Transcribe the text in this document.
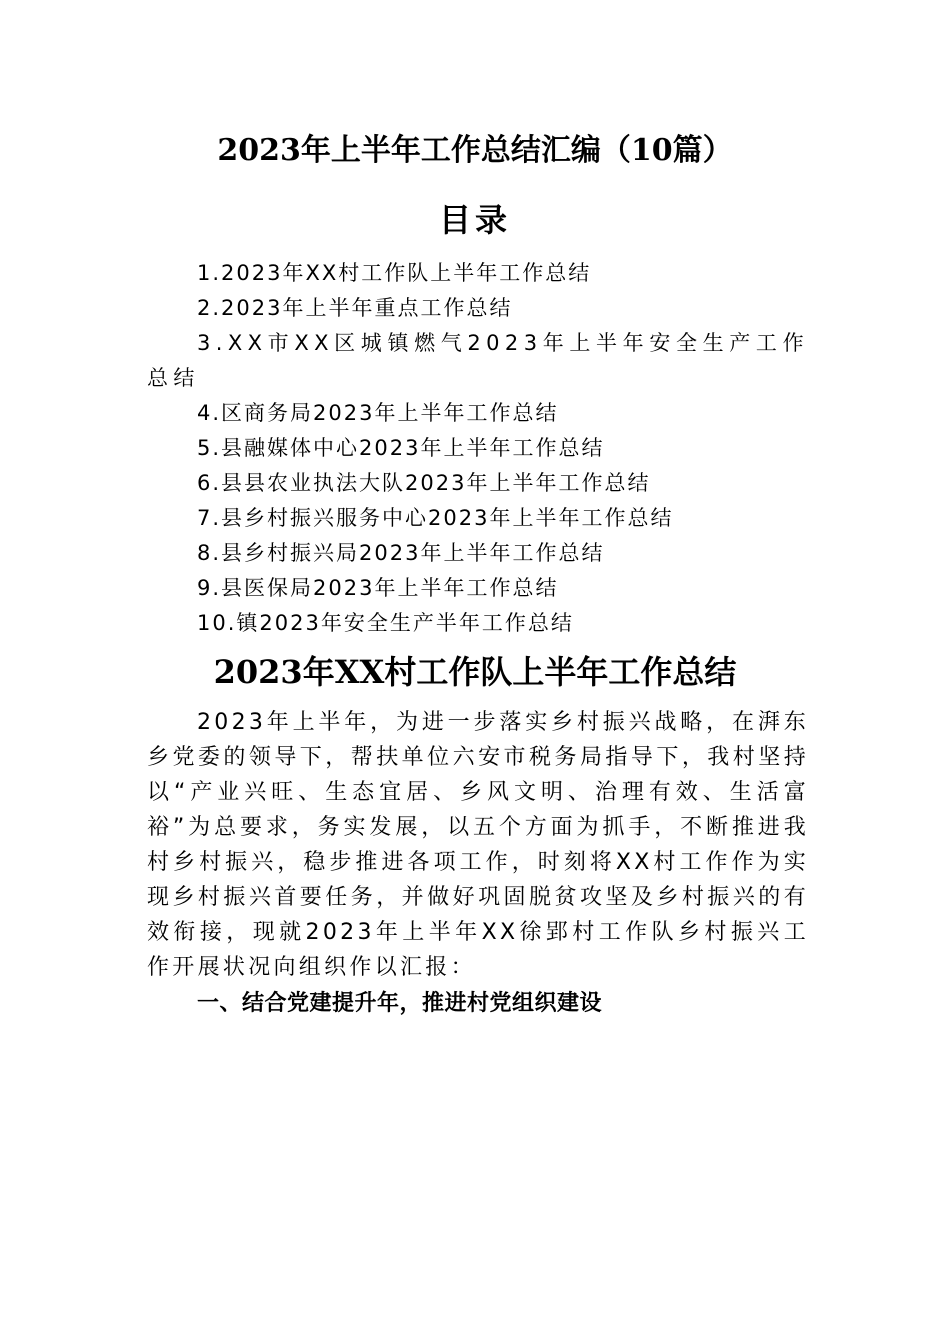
2023年上半年工作总结汇编（10篇）
目录
1.2023年XX村工作队上半年工作总结
2.2023年上半年重点工作总结
3.XX市XX区城镇燃气2023年上半年安全生产工作总结
4.区商务局2023年上半年工作总结
5.县融媒体中心2023年上半年工作总结
6.县县农业执法大队2023年上半年工作总结
7.县乡村振兴服务中心2023年上半年工作总结
8.县乡村振兴局2023年上半年工作总结
9.县医保局2023年上半年工作总结
10.镇2023年安全生产半年工作总结
2023年XX村工作队上半年工作总结

2023年上半年，为进一步落实乡村振兴战略，在湃东乡党委的领导下，帮扶单位六安市税务局指导下，我村坚持以“产业兴旺、生态宜居、乡风文明、治理有效、生活富裕”为总要求，务实发展，以五个方面为抓手，不断推进我村乡村振兴，稳步推进各项工作，时刻将XX村工作作为实现乡村振兴首要任务，并做好巩固脱贫攻坚及乡村振兴的有效衔接，现就2023年上半年XX徐郢村工作队乡村振兴工作开展状况向组织作以汇报：

一、结合党建提升年，推进村党组织建设
